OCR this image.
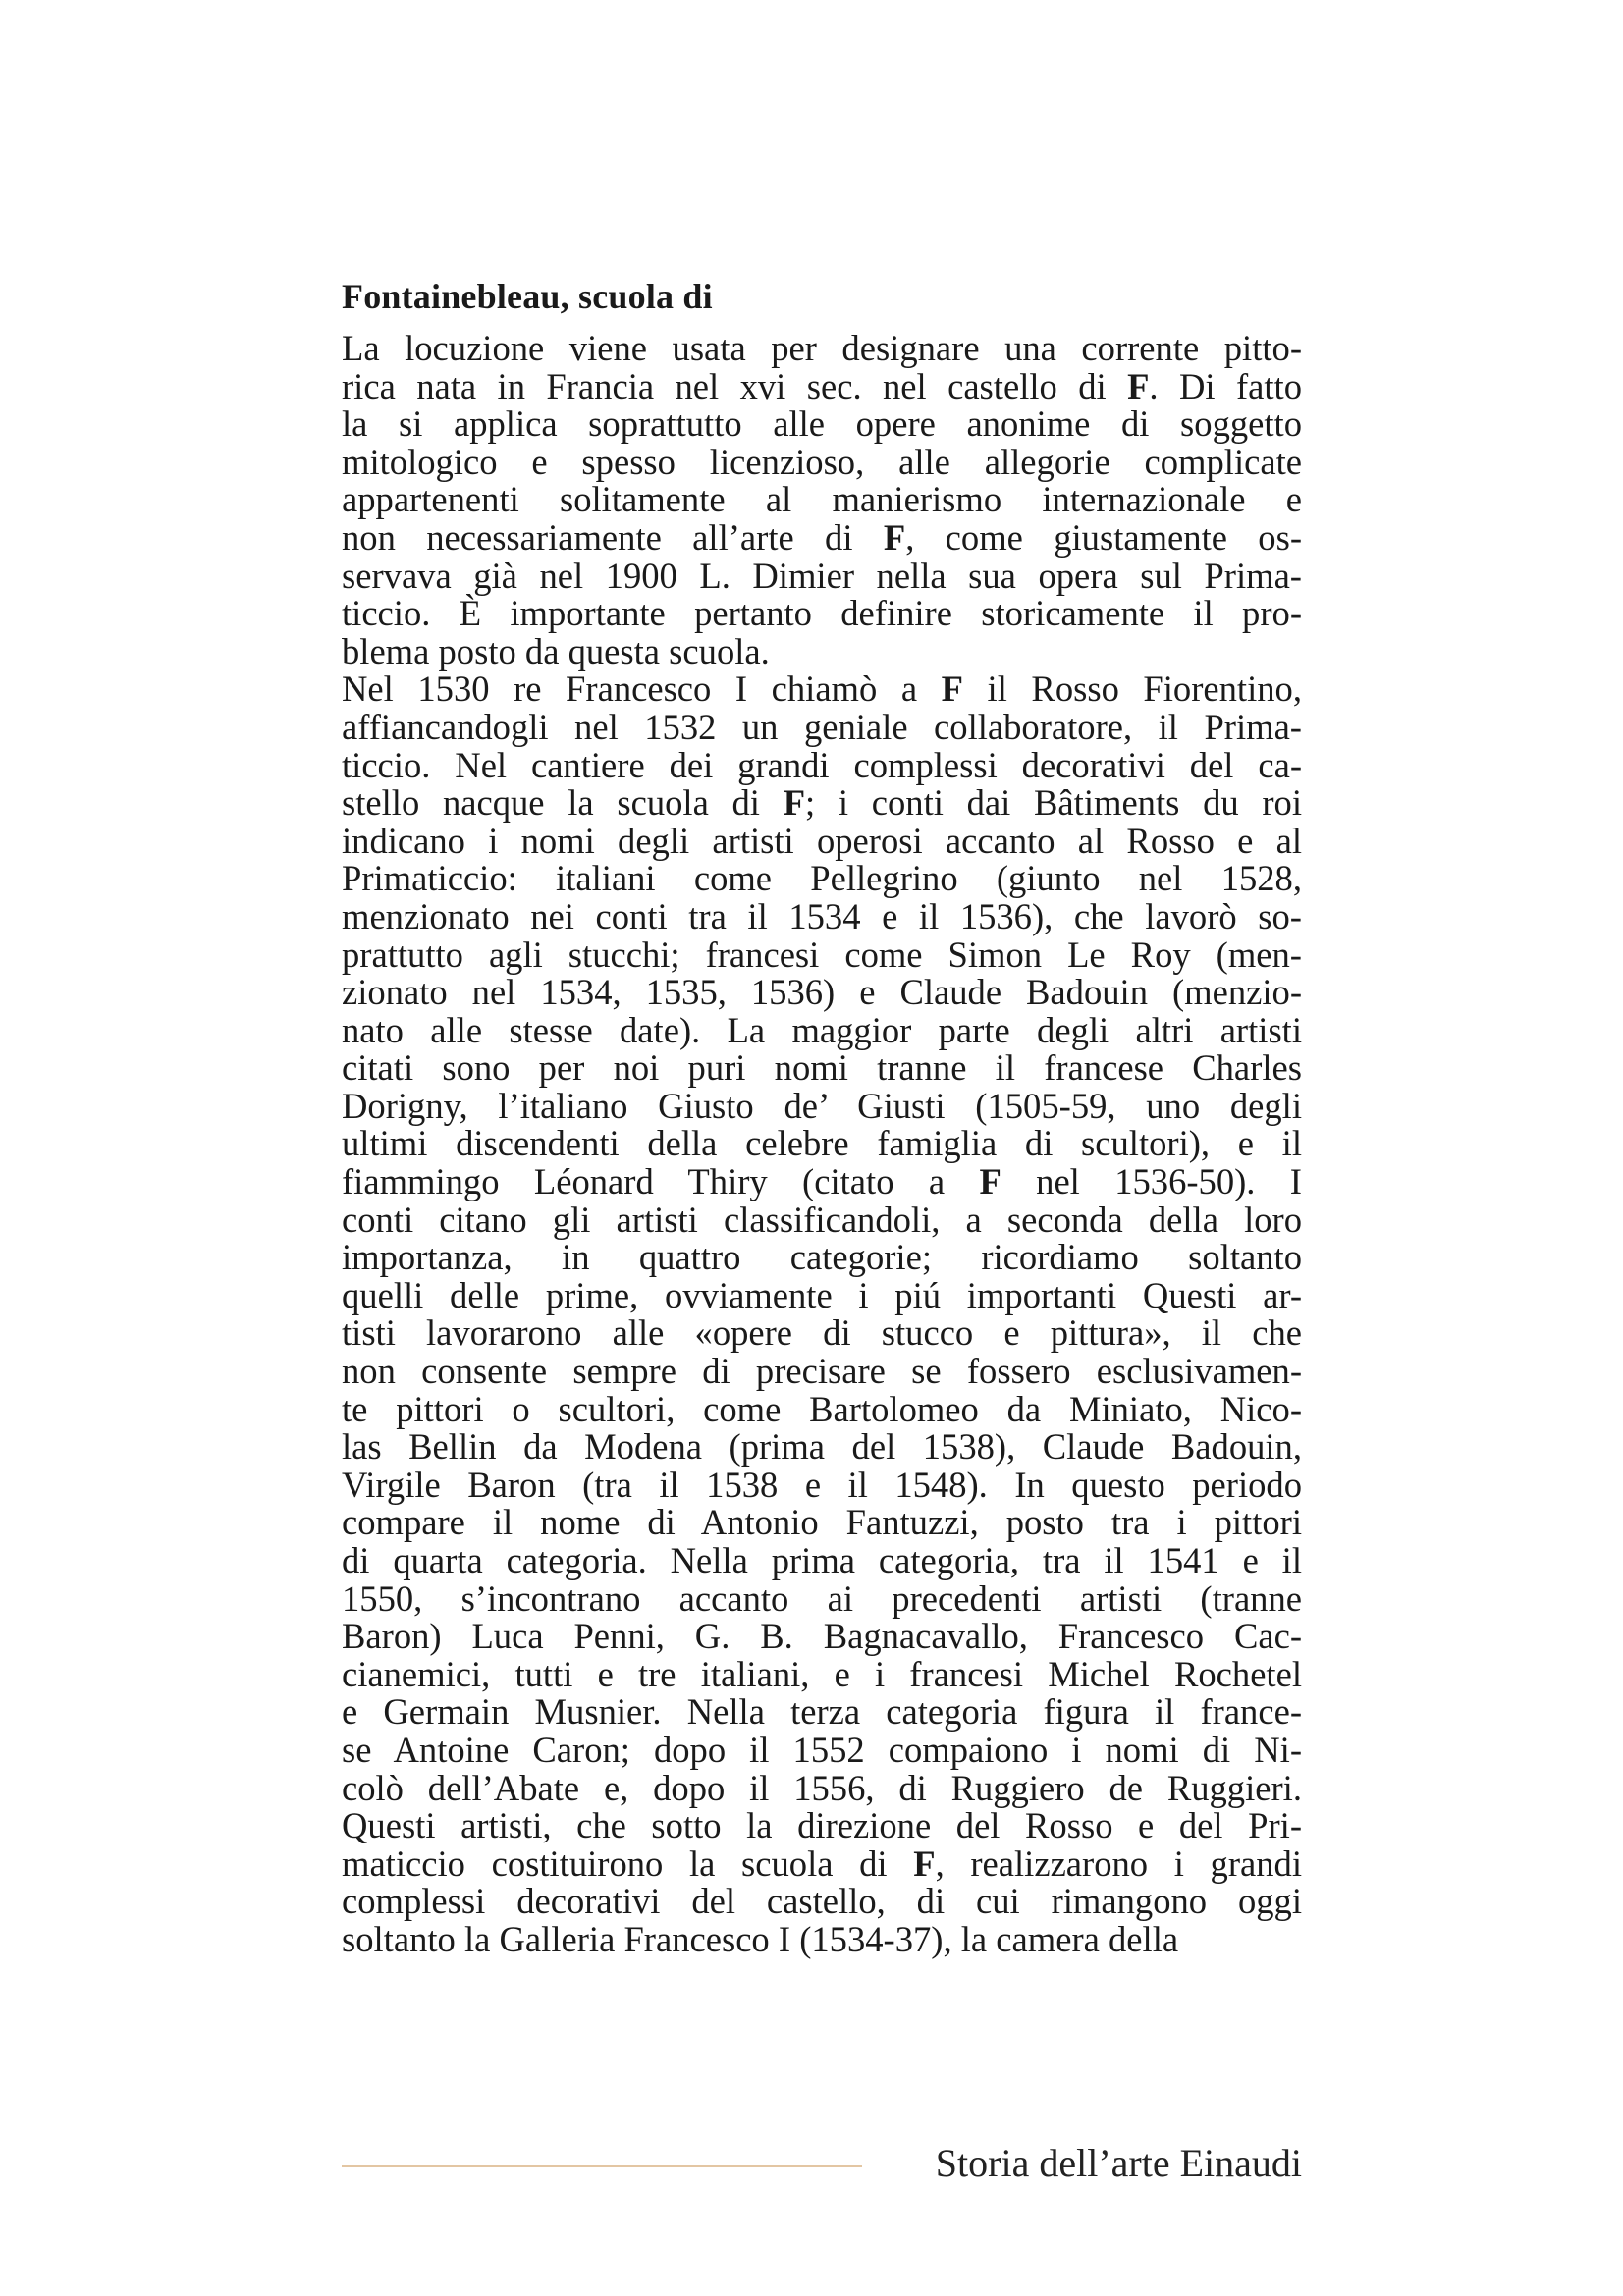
Fontainebleau, scuola di

La locuzione viene usata per designare una corrente pitto-
rica nata in Francia nel xvi sec. nel castello di F. Di fatto
la si applica soprattutto alle opere anonime di soggetto
mitologico e spesso licenzioso, alle allegorie complicate
appartenenti solitamente al manierismo internazionale e
non necessariamente all’arte di F, come giustamente os-
servava già nel 1900 L. Dimier nella sua opera sul Prima-
ticcio. È importante pertanto definire storicamente il pro-
blema posto da questa scuola.

Nel 1530 re Francesco I chiamò a F il Rosso Fiorentino,
affiancandogli nel 1532 un geniale collaboratore, il Prima-
ticcio. Nel cantiere dei grandi complessi decorativi del ca-
stello nacque la scuola di F; i conti dai Bâtiments du roi
indicano i nomi degli artisti operosi accanto al Rosso e al
Primaticcio: italiani come Pellegrino (giunto nel 1528,
menzionato nei conti tra il 1534 e il 1536), che lavorò so-
prattutto agli stucchi; francesi come Simon Le Roy (men-
zionato nel 1534, 1535, 1536) e Claude Badouin (menzio-
nato alle stesse date). La maggior parte degli altri artisti
citati sono per noi puri nomi tranne il francese Charles
Dorigny, l’italiano Giusto de’ Giusti (1505-59, uno degli
ultimi discendenti della celebre famiglia di scultori), e il
fiammingo Léonard Thiry (citato a F nel 1536-50). I
conti citano gli artisti classificandoli, a seconda della loro
importanza, in quattro categorie; ricordiamo soltanto
quelli delle prime, ovviamente i piú importanti Questi ar-
tisti lavorarono alle «opere di stucco e pittura», il che
non consente sempre di precisare se fossero esclusivamen-
te pittori o scultori, come Bartolomeo da Miniato, Nico-
las Bellin da Modena (prima del 1538), Claude Badouin,
Virgile Baron (tra il 1538 e il 1548). In questo periodo
compare il nome di Antonio Fantuzzi, posto tra i pittori
di quarta categoria. Nella prima categoria, tra il 1541 e il
1550, s’incontrano accanto ai precedenti artisti (tranne
Baron) Luca Penni, G. B. Bagnacavallo, Francesco Cac-
cianemici, tutti e tre italiani, e i francesi Michel Rochetel
e Germain Musnier. Nella terza categoria figura il france-
se Antoine Caron; dopo il 1552 compaiono i nomi di Ni-
colò dell’Abate e, dopo il 1556, di Ruggiero de Ruggieri.
Questi artisti, che sotto la direzione del Rosso e del Pri-
maticcio costituirono la scuola di F, realizzarono i grandi
complessi decorativi del castello, di cui rimangono oggi
soltanto la Galleria Francesco I (1534-37), la camera della

Storia dell’arte Einaudi
